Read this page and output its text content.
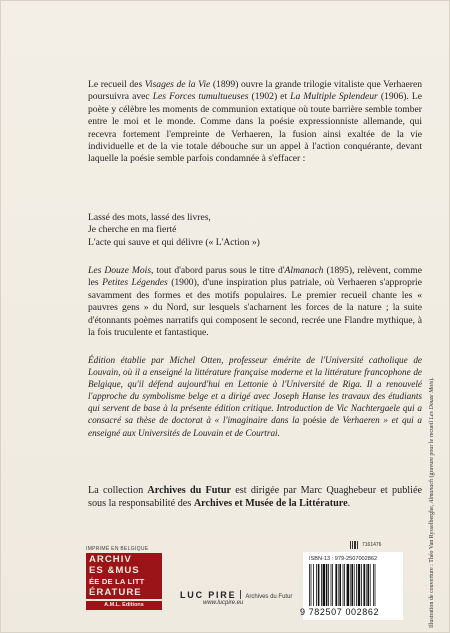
Le recueil des Visages de la Vie (1899) ouvre la grande trilogie vitaliste que Verhaeren poursuivra avec Les Forces tumultueuses (1902) et La Multiple Splendeur (1906). Le poète y célèbre les moments de communion extatique où toute barrière semble tomber entre le moi et le monde. Comme dans la poésie expressionniste allemande, qui recevra fortement l'empreinte de Verhaeren, la fusion ainsi exaltée de la vie individuelle et de la vie totale débouche sur un appel à l'action conquérante, devant laquelle la poésie semble parfois condamnée à s'effacer :

Lassé des mots, lassé des livres,
Je cherche en ma fierté
L'acte qui sauve et qui délivre (« L'Action »)

Les Douze Mois, tout d'abord parus sous le titre d'Almanach (1895), relèvent, comme les Petites Légendes (1900), d'une inspiration plus patriale, où Verhaeren s'approprie savamment des formes et des motifs populaires. Le premier recueil chante les « pauvres gens » du Nord, sur lesquels s'acharnent les forces de la nature ; la suite d'étonnants poèmes narratifs qui composent le second, recrée une Flandre mythique, à la fois truculente et fantastique.

Édition établie par Michel Otten, professeur émérite de l'Université catholique de Louvain, où il a enseigné la littérature française moderne et la littérature francophone de Belgique, qu'il défend aujourd'hui en Lettonie à l'Université de Riga. Il a renouvelé l'approche du symbolisme belge et a dirigé avec Joseph Hanse les travaux des étudiants qui servent de base à la présente édition critique. Introduction de Vic Nachtergaele qui a consacré sa thèse de doctorat à « l'imaginaire dans la poésie de Verhaeren » et qui a enseigné aux Universités de Louvain et de Courtrai.

La collection Archives du Futur est dirigée par Marc Quaghebeur et publiée sous la responsabilité des Archives et Musée de la Littérature.

IMPRIMÉ EN BELGIQUE
ARCHIV
ES &MUS
ÉE DE LA LITT
ÉRATURE
A.M.L. Editions
LUC PIRE Archives du Futur
www.lucpire.eu
7161476
ISBN-13 : 979-2507002862
9 782507 002862	Illustration de couverture : Théo Van Rysselberghe, Almanach (gravure pour le recueil Les Douze Mois).
